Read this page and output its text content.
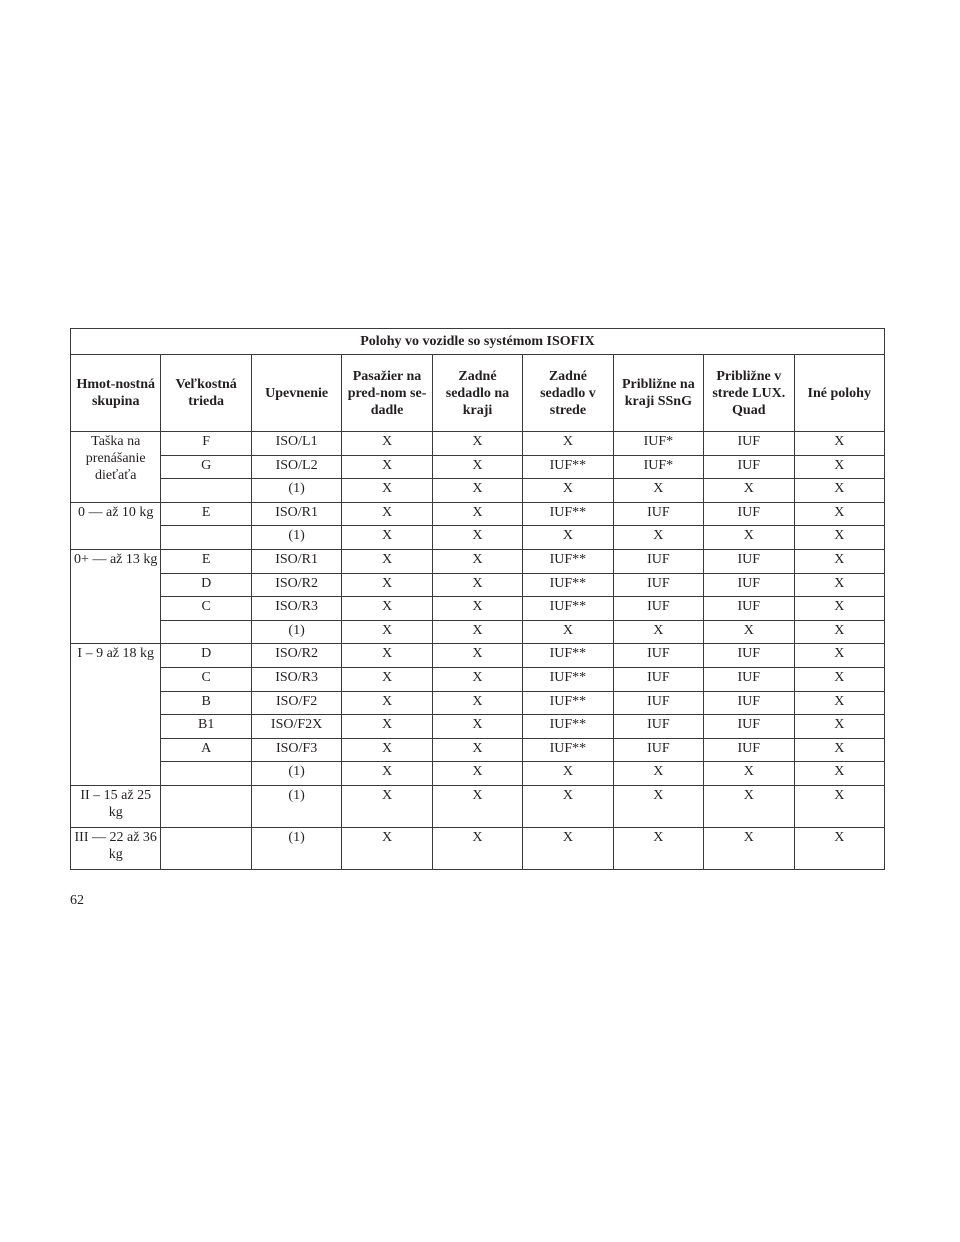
Polohy vo vozidle so systémom ISOFIX								
Hmot-nostná skupina	Veľkostná trieda	Upevnenie	Pasažier na pred-nom se-dadle	Zadné sedadlo na kraji	Zadné sedadlo v strede	Približne na kraji SSnG	Približne v strede LUX. Quad	Iné polohy
Taška na prenášanie dieťaťa	F	ISO/L1	X	X	X	IUF*	IUF	X
	G	ISO/L2	X	X	IUF**	IUF*	IUF	X
		(1)	X	X	X	X	X	X
0 — až 10 kg	E	ISO/R1	X	X	IUF**	IUF	IUF	X
		(1)	X	X	X	X	X	X
0+ — až 13 kg	E	ISO/R1	X	X	IUF**	IUF	IUF	X
	D	ISO/R2	X	X	IUF**	IUF	IUF	X
	C	ISO/R3	X	X	IUF**	IUF	IUF	X
		(1)	X	X	X	X	X	X
I – 9 až 18 kg	D	ISO/R2	X	X	IUF**	IUF	IUF	X
	C	ISO/R3	X	X	IUF**	IUF	IUF	X
	B	ISO/F2	X	X	IUF**	IUF	IUF	X
	B1	ISO/F2X	X	X	IUF**	IUF	IUF	X
	A	ISO/F3	X	X	IUF**	IUF	IUF	X
		(1)	X	X	X	X	X	X
II – 15 až 25 kg		(1)	X	X	X	X	X	X
III — 22 až 36 kg		(1)	X	X	X	X	X	X
62
